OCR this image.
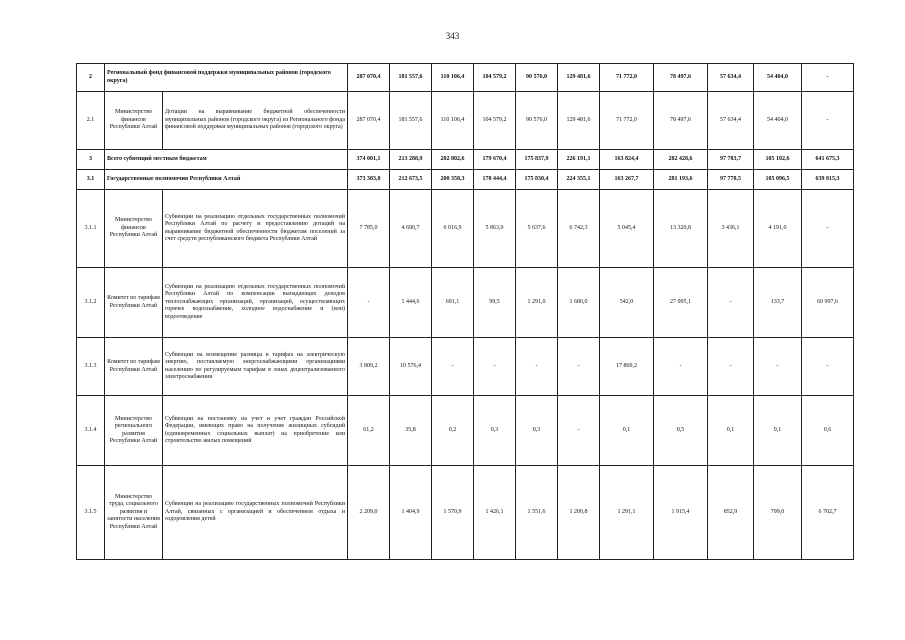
343
2	Региональный фонд финансовой поддержки муниципальных районов (городского округа)		287 070,4	181 557,6	110 106,4	104 579,2	90 576,0	129 481,6	71 772,0	78 497,6	57 634,4	54 404,0	-
2.1	Министерство финансов Республики Алтай	Дотации на выравнивание бюджетной обеспеченности муниципальных районов (городского округа) из Регионального фонда финансовой поддержки муниципальных районов (городского округа)	287 070,4	181 557,6	110 106,4	104 579,2	90 576,0	129 481,6	71 772,0	78 497,6	57 634,4	54 404,0	-
3	Всего субвенций местным бюджетам		374 001,1	213 288,9	202 802,6	179 670,4	175 837,9	226 191,1	163 824,4	282 428,6	97 783,7	105 102,6	641 675,3
3.1	Государственные полномочия Республики Алтай		373 383,0	212 673,5	200 358,3	178 444,4	175 830,4	224 355,1	163 267,7	281 193,6	97 778,5	105 096,5	639 815,3
3.1.1	Министерство финансов Республики Алтай	Субвенции на реализацию отдельных государственных полномочий Республики Алтай по расчету и предоставлению дотаций на выравнивание бюджетной обеспеченности бюджетам поселений за счет средств республиканского бюджета Республики Алтай	7 785,0	4 690,7	6 016,9	5 863,0	5 637,6	6 742,3	5 045,4	13 320,8	3 436,1	4 191,0	-
3.1.2	Комитет по тарифам Республики Алтай	Субвенции на реализацию отдельных государственных полномочий Республики Алтай по компенсации выпадающих доходов теплоснабжающих организаций, организаций, осуществляющих горячее водоснабжение, холодное водоснабжение и (или) водоотведение	-	1 444,6	691,1	99,5	1 291,0	1 680,0	542,0	27 095,1	-	133,7	60 997,6
3.1.3	Комитет по тарифам Республики Алтай	Субвенции на возмещение разницы в тарифах на электрическую энергию, поставляемую энергоснабжающими организациями населению по регулируемым тарифам в зонах децентрализованного электроснабжения	3 809,2	10 576,4	-	-	-	-	17 869,2	-	-	-	-
3.1.4	Министерство регионального развития Республики Алтай	Субвенции на постановку на учет и учет граждан Российской Федерации, имеющих право на получение жилищных субсидий (единовременных социальных выплат) на приобретение или строительство жилых помещений	61,2	35,8	0,2	0,3	0,3	-	0,1	0,5	0,1	0,1	0,6
3.1.5	Министерство труда, социального развития и занятости населения Республики Алтай	Субвенции на реализацию государственных полномочий Республики Алтай, связанных с организацией и обеспечением отдыха и оздоровления детей	2 209,0	1 404,9	1 570,9	1 426,1	1 551,6	1 200,8	1 291,1	1 915,4	852,9	799,0	6 702,7
